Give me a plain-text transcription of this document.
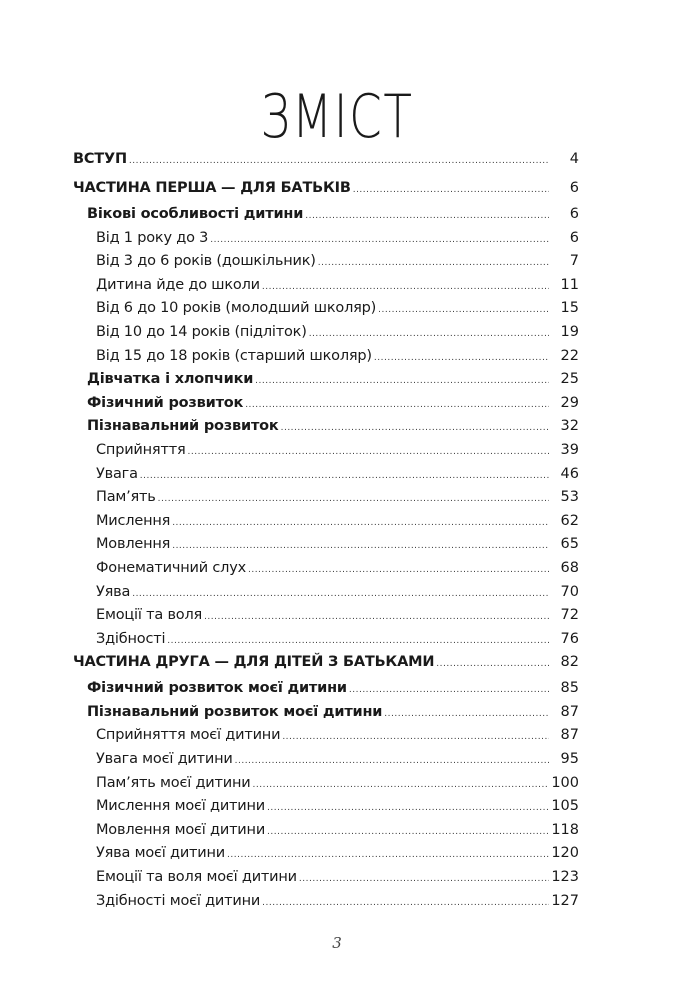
ЗМІСТ
ВСТУП .....	4
ЧАСТИНА ПЕРША — ДЛЯ БАТЬКІВ .....	6
Вікові особливості дитини .....	6
Від 1 року до 3 .....	6
Від 3 до 6 років (дошкільник) .....	7
Дитина йде до школи .....	11
Від 6 до 10 років (молодший школяр) .....	15
Від 10 до 14 років (підліток) .....	19
Від 15 до 18 років (старший школяр) .....	22
Дівчатка і хлопчики .....	25
Фізичний розвиток .....	29
Пізнавальний розвиток .....	32
Сприйняття .....	39
Увага .....	46
Пам’ять .....	53
Мислення .....	62
Мовлення .....	65
Фонематичний слух .....	68
Уява .....	70
Емоції та воля .....	72
Здібності .....	76
ЧАСТИНА ДРУГА — ДЛЯ ДІТЕЙ З БАТЬКАМИ .....	82
Фізичний розвиток моєї дитини .....	85
Пізнавальний розвиток моєї дитини .....	87
Сприйняття моєї дитини .....	87
Увага моєї дитини .....	95
Пам’ять моєї дитини .....	100
Мислення моєї дитини .....	105
Мовлення моєї дитини .....	118
Уява моєї дитини .....	120
Емоції та воля моєї дитини .....	123
Здібності моєї дитини .....	127
3
